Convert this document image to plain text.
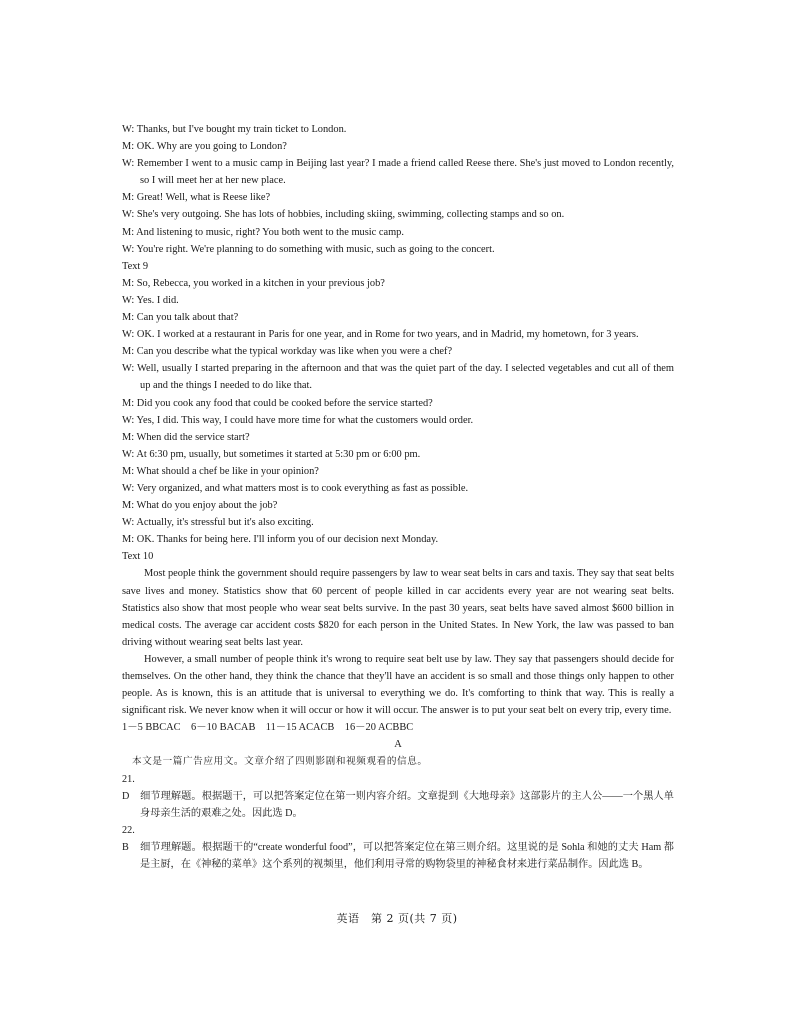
W: Thanks, but I've bought my train ticket to London.
M: OK. Why are you going to London?
W: Remember I went to a music camp in Beijing last year? I made a friend called Reese there. She's just moved to London recently, so I will meet her at her new place.
M: Great! Well, what is Reese like?
W: She's very outgoing. She has lots of hobbies, including skiing, swimming, collecting stamps and so on.
M: And listening to music, right? You both went to the music camp.
W: You're right. We're planning to do something with music, such as going to the concert.
Text 9
M: So, Rebecca, you worked in a kitchen in your previous job?
W: Yes. I did.
M: Can you talk about that?
W: OK. I worked at a restaurant in Paris for one year, and in Rome for two years, and in Madrid, my hometown, for 3 years.
M: Can you describe what the typical workday was like when you were a chef?
W: Well, usually I started preparing in the afternoon and that was the quiet part of the day. I selected vegetables and cut all of them up and the things I needed to do like that.
M: Did you cook any food that could be cooked before the service started?
W: Yes, I did. This way, I could have more time for what the customers would order.
M: When did the service start?
W: At 6:30 pm, usually, but sometimes it started at 5:30 pm or 6:00 pm.
M: What should a chef be like in your opinion?
W: Very organized, and what matters most is to cook everything as fast as possible.
M: What do you enjoy about the job?
W: Actually, it's stressful but it's also exciting.
M: OK. Thanks for being here. I'll inform you of our decision next Monday.
Text 10
Most people think the government should require passengers by law to wear seat belts in cars and taxis. They say that seat belts save lives and money. Statistics show that 60 percent of people killed in car accidents every year are not wearing seat belts. Statistics also show that most people who wear seat belts survive. In the past 30 years, seat belts have saved almost $600 billion in medical costs. The average car accident costs $820 for each person in the United States. In New York, the law was passed to ban driving without wearing seat belts last year.
However, a small number of people think it's wrong to require seat belt use by law. They say that passengers should decide for themselves. On the other hand, they think the chance that they'll have an accident is so small and those things only happen to other people. As is known, this is an attitude that is universal to everything we do. It's comforting to think that way. This is really a significant risk. We never know when it will occur or how it will occur. The answer is to put your seat belt on every trip, every time.
1－5 BBCAC    6－10 BACAB    11－15 ACACB    16－20 ACBBC
A
本文是一篇广告应用文。文章介绍了四则影剧和视频观看的信息。
21. D 细节理解题。根据题干，可以把答案定位在第一则内容介绍。文章提到《大地母亲》这部影片的主人公——一个黑人单身母亲生活的艰难之处。因此选 D。
22. B 细节理解题。根据题干的“create wonderful food”，可以把答案定位在第三则介绍。这里说的是 Sohla 和她的丈夫 Ham 都是主厨，在《神秘的菜单》这个系列的视频里，他们利用寻常的购物袋里的神秘食材来进行菜品制作。因此选 B。
英语　第 2 页(共 7 页)
